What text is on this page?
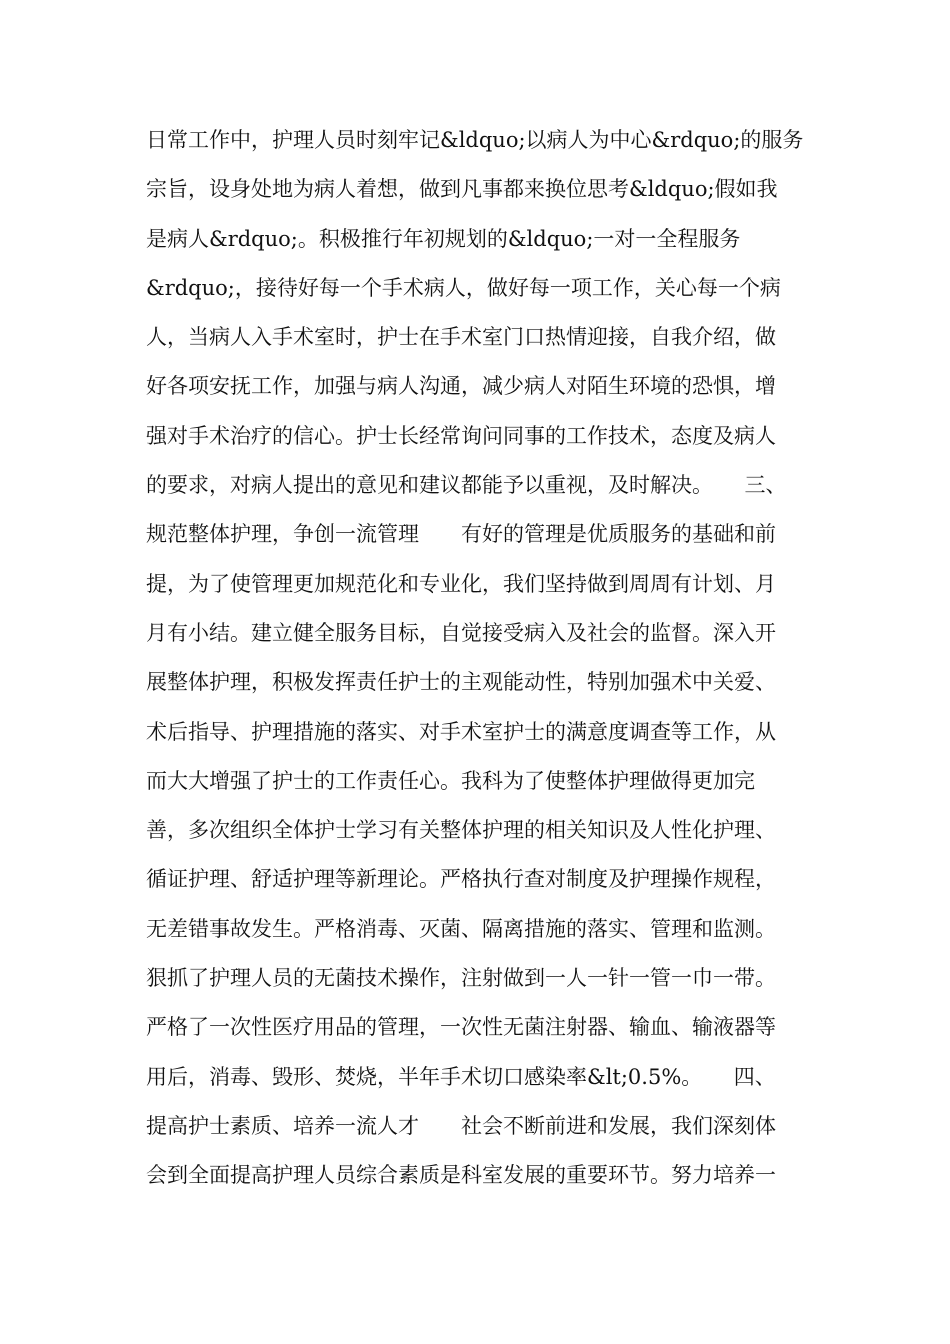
日常工作中，护理人员时刻牢记&ldquo;以病人为中心&rdquo;的服务
宗旨，设身处地为病人着想，做到凡事都来换位思考&ldquo;假如我
是病人&rdquo;。积极推行年初规划的&ldquo;一对一全程服务
&rdquo;，接待好每一个手术病人，做好每一项工作，关心每一个病
人，当病人入手术室时，护士在手术室门口热情迎接，自我介绍，做
好各项安抚工作，加强与病人沟通，减少病人对陌生环境的恐惧，增
强对手术治疗的信心。护士长经常询问同事的工作技术，态度及病人
的要求，对病人提出的意见和建议都能予以重视，及时解决。　　三、
规范整体护理，争创一流管理　　有好的管理是优质服务的基础和前
提，为了使管理更加规范化和专业化，我们坚持做到周周有计划、月
月有小结。建立健全服务目标，自觉接受病入及社会的监督。深入开
展整体护理，积极发挥责任护士的主观能动性，特别加强术中关爱、
术后指导、护理措施的落实、对手术室护士的满意度调查等工作，从
而大大增强了护士的工作责任心。我科为了使整体护理做得更加完
善，多次组织全体护士学习有关整体护理的相关知识及人性化护理、
循证护理、舒适护理等新理论。严格执行查对制度及护理操作规程，
无差错事故发生。严格消毒、灭菌、隔离措施的落实、管理和监测。
狠抓了护理人员的无菌技术操作，注射做到一人一针一管一巾一带。
严格了一次性医疗用品的管理，一次性无菌注射器、输血、输液器等
用后，消毒、毁形、焚烧，半年手术切口感染率&lt;0.5%。　　四、
提高护士素质、培养一流人才　　社会不断前进和发展，我们深刻体
会到全面提高护理人员综合素质是科室发展的重要环节。努力培养一
